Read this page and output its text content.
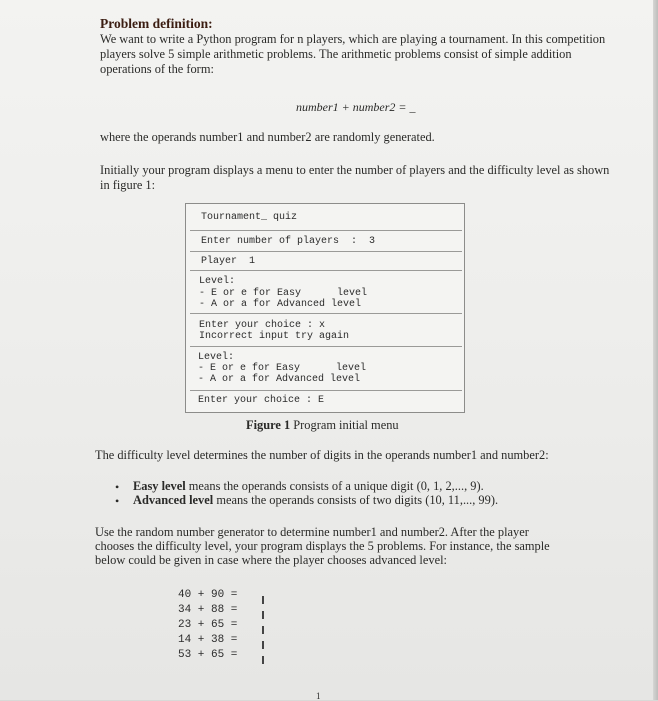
Problem definition:
We want to write a Python program for n players, which are playing a tournament. In this competition players solve 5 simple arithmetic problems. The arithmetic problems consist of simple addition operations of the form:
number1 + number2 = _
where the operands number1 and number2 are randomly generated.
Initially your program displays a menu to enter the number of players and the difficulty level as shown in figure 1:
Tournament_ quiz
Enter number of players  :  3
Player  1
Level:
- E or e for Easy      level
- A or a for Advanced level
Enter your choice : x
Incorrect input try again
Level:
- E or e for Easy      level
- A or a for Advanced level
Enter your choice : E
Figure 1 Program initial menu
The difficulty level determines the number of digits in the operands number1 and number2:
• Easy level means the operands consists of a unique digit (0, 1, 2,..., 9).
• Advanced level means the operands consists of two digits (10, 11,..., 99).
Use the random number generator to determine number1 and number2. After the player chooses the difficulty level, your program displays the 5 problems. For instance, the sample below could be given in case where the player chooses advanced level:
40 + 90 =
34 + 88 =
23 + 65 =
14 + 38 =
53 + 65 =
1
